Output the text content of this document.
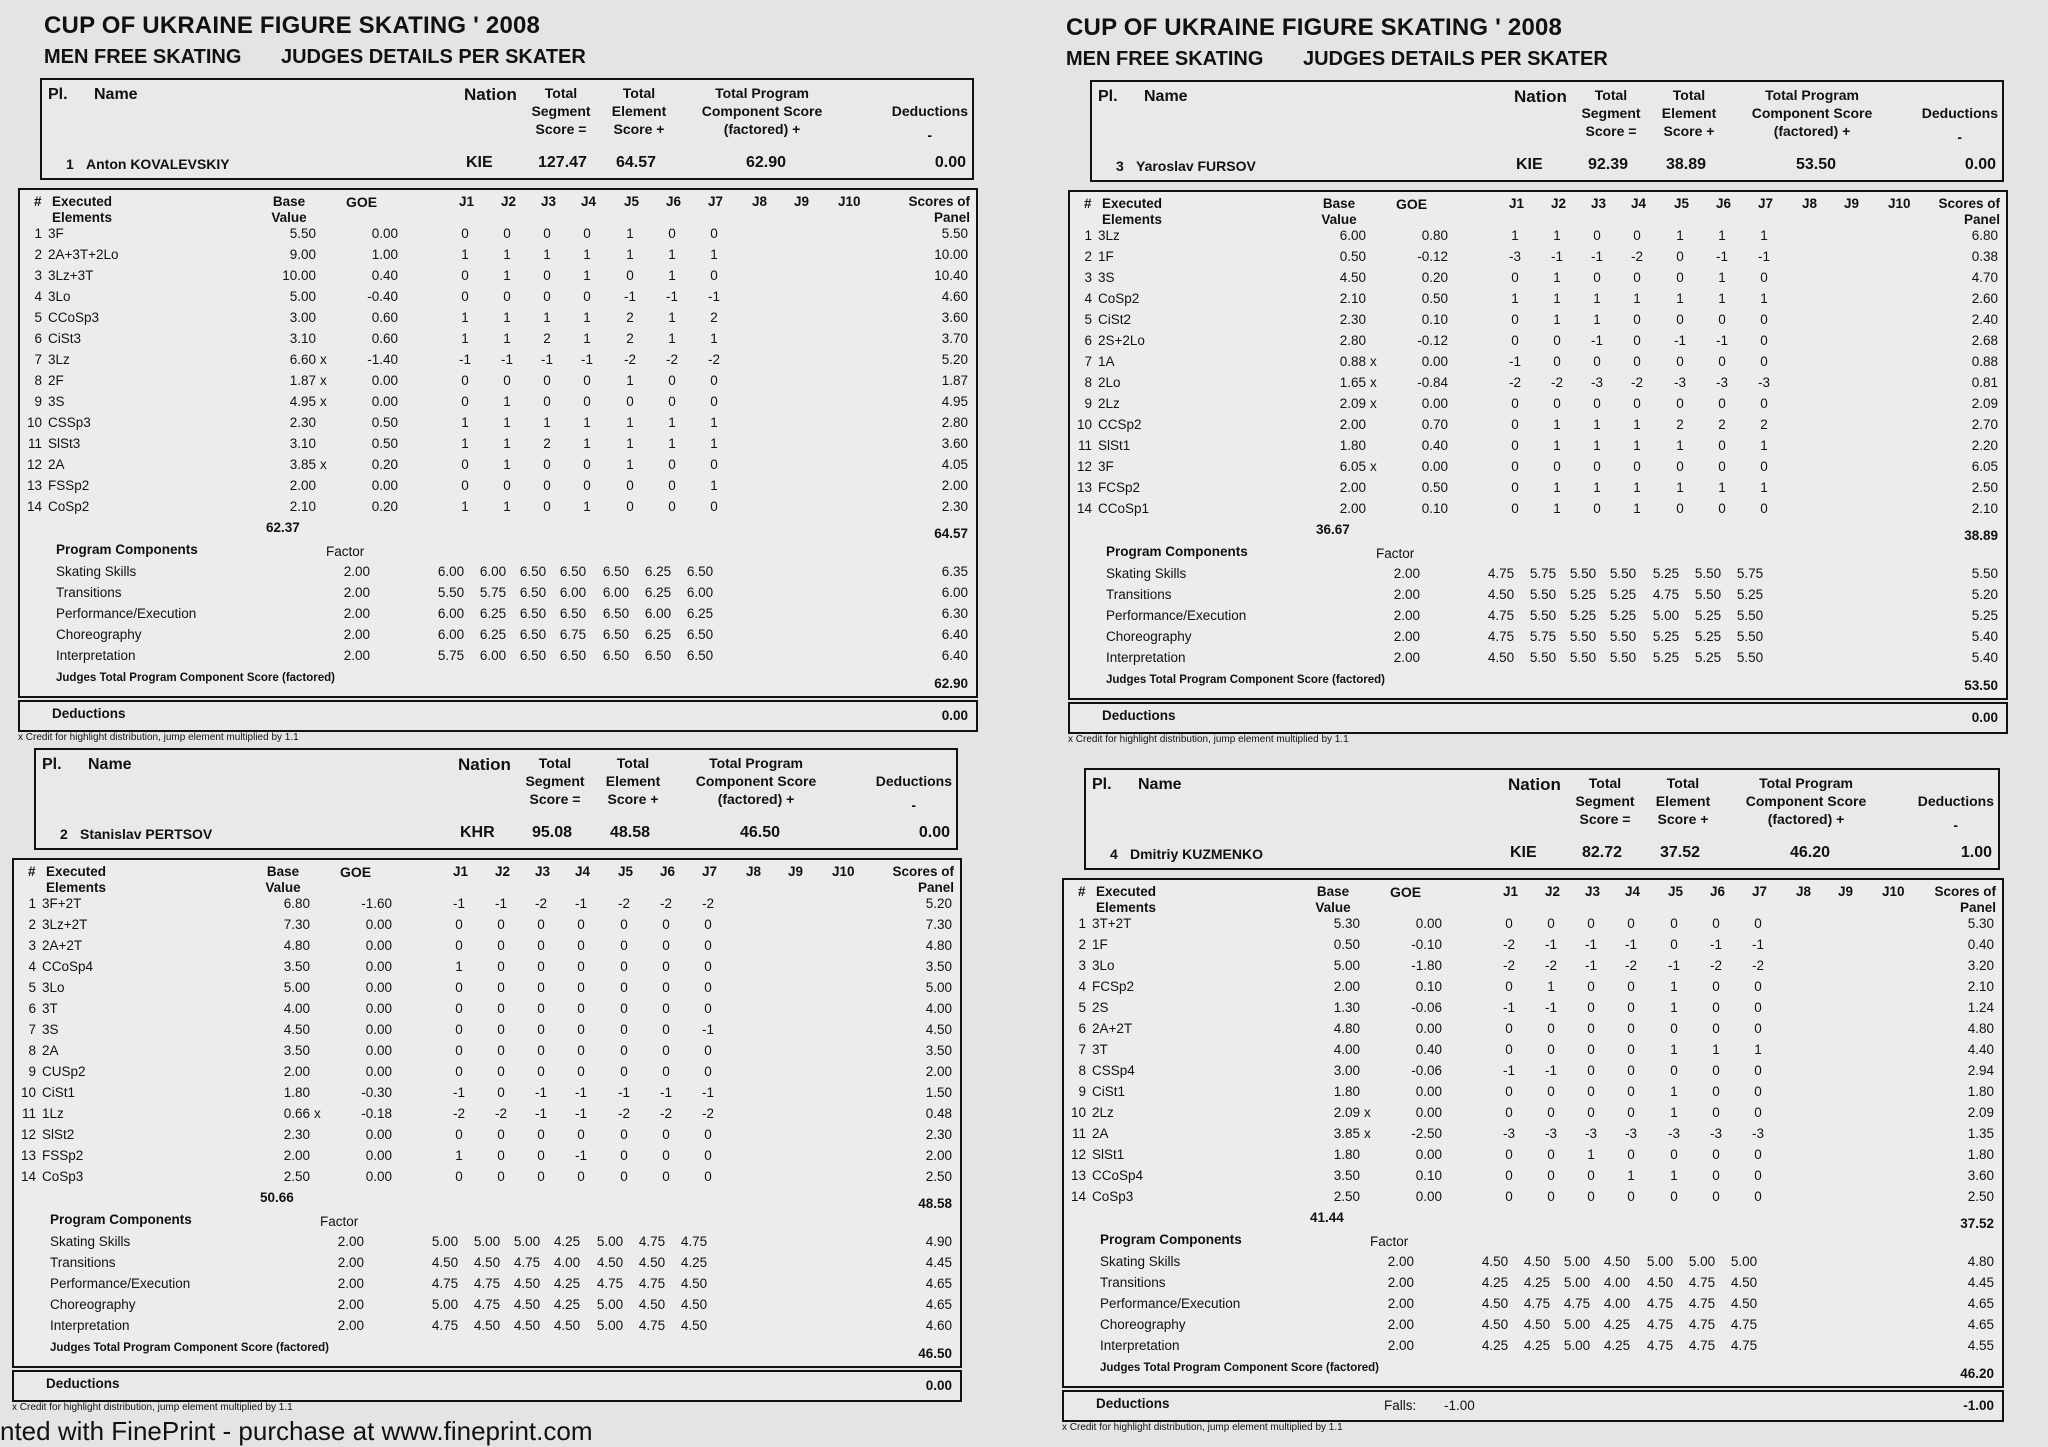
CUP OF UKRAINE FIGURE SKATING ' 2008
MEN FREE SKATING JUDGES DETAILS PER SKATER
Pl. Name	Nation	Total Segment Score =
Total Element Score +
Total Program Component Score (factored) +
Deductions
-
1 Anton KOVALEVSKIY	KIE	127.47 64.57	62.90	0.00
# Executed Elements
Base Value
GOE	J1 J2 J3 J4 J5 J6 J7 J8 J9 J10	Scores of Panel
1 3F	5.50	0.00	0	0	0	0	1	0	0	5.50
2 2A+3T+2Lo	9.00	1.00	1	1	1	1	1	1	1	10.00
3 3Lz+3T	10.00	0.40	0	1	0	1	0	1	0	10.40
4 3Lo	5.00	-0.40	0	0	0	0	-1	-1	-1	4.60
5 CCoSp3	3.00	0.60	1	1	1	1	2	1	2	3.60
6 CiSt3	3.10	0.60	1	1	2	1	2	1	1	3.70
7 3Lz	6.60 x	-1.40	-1	-1	-1	-1	-2	-2	-2	5.20
8 2F	1.87 x	0.00	0	0	0	0	1	0	0	1.87
9 3S	4.95 x	0.00	0	1	0	0	0	0	0	4.95
10 CSSp3	2.30	0.50	1	1	1	1	1	1	1	2.80
11 SlSt3	3.10	0.50	1	1	2	1	1	1	1	3.60
12 2A	3.85 x	0.20	0	1	0	0	1	0	0	4.05
13 FSSp2	2.00	0.00	0	0	0	0	0	0	1	2.00
14 CoSp2	2.10	0.20	1	1	0	1	0	0	0	2.30
62.37	64.57
Program Components	Factor
Skating Skills	2.00	6.00	6.00	6.50	6.50	6.50	6.25	6.50	6.35
Transitions	2.00	5.50	5.75	6.50	6.00	6.00	6.25	6.00	6.00
Performance/Execution	2.00	6.00	6.25	6.50	6.50	6.50	6.00	6.25	6.30
Choreography	2.00	6.00	6.25	6.50	6.75	6.50	6.25	6.50	6.40
Interpretation	2.00	5.75	6.00	6.50	6.50	6.50	6.50	6.50	6.40
Judges Total Program Component Score (factored)	62.90
Deductions	0.00
x Credit for highlight distribution, jump element multiplied by 1.1
Pl. Name	Nation	Total Segment Score =
Total Element Score +
Total Program Component Score (factored) +
Deductions
-
2 Stanislav PERTSOV	KHR 95.08 48.58	46.50	0.00
# Executed Elements
Base Value
GOE	J1 J2 J3 J4 J5 J6 J7 J8 J9 J10	Scores of Panel
1 3F+2T	6.80	-1.60	-1	-1	-2	-1	-2	-2	-2	5.20
2 3Lz+2T	7.30	0.00	0	0	0	0	0	0	0	7.30
3 2A+2T	4.80	0.00	0	0	0	0	0	0	0	4.80
4 CCoSp4	3.50	0.00	1	0	0	0	0	0	0	3.50
5 3Lo	5.00	0.00	0	0	0	0	0	0	0	5.00
6 3T	4.00	0.00	0	0	0	0	0	0	0	4.00
7 3S	4.50	0.00	0	0	0	0	0	0	-1	4.50
8 2A	3.50	0.00	0	0	0	0	0	0	0	3.50
9 CUSp2	2.00	0.00	0	0	0	0	0	0	0	2.00
10 CiSt1	1.80	-0.30	-1	0	-1	-1	-1	-1	-1	1.50
11 1Lz	0.66 x	-0.18	-2	-2	-1	-1	-2	-2	-2	0.48
12 SlSt2	2.30	0.00	0	0	0	0	0	0	0	2.30
13 FSSp2	2.00	0.00	1	0	0	-1	0	0	0	2.00
14 CoSp3	2.50	0.00	0	0	0	0	0	0	0	2.50
50.66	48.58
Program Components	Factor
Skating Skills	2.00	5.00	5.00	5.00	4.25	5.00	4.75	4.75	4.90
Transitions	2.00	4.50	4.50	4.75	4.00	4.50	4.50	4.25	4.45
Performance/Execution	2.00	4.75	4.75	4.50	4.25	4.75	4.75	4.50	4.65
Choreography	2.00	5.00	4.75	4.50	4.25	5.00	4.50	4.50	4.65
Interpretation	2.00	4.75	4.50	4.50	4.50	5.00	4.75	4.50	4.60
Judges Total Program Component Score (factored)	46.50
Deductions	0.00
x Credit for highlight distribution, jump element multiplied by 1.1
CUP OF UKRAINE FIGURE SKATING ' 2008
MEN FREE SKATING JUDGES DETAILS PER SKATER
Pl. Name	Nation	Total Segment Score =
Total Element Score +
Total Program Component Score (factored) +
Deductions
-
3 Yaroslav FURSOV	KIE	92.39 38.89	53.50	0.00
# Executed Elements
Base Value
GOE	J1 J2 J3 J4 J5 J6 J7 J8 J9 J10	Scores of Panel
1 3Lz	6.00	0.80	1	1	0	0	1	1	1	6.80
2 1F	0.50	-0.12	-3	-1	-1	-2	0	-1	-1	0.38
3 3S	4.50	0.20	0	1	0	0	0	1	0	4.70
4 CoSp2	2.10	0.50	1	1	1	1	1	1	1	2.60
5 CiSt2	2.30	0.10	0	1	1	0	0	0	0	2.40
6 2S+2Lo	2.80	-0.12	0	0	-1	0	-1	-1	0	2.68
7 1A	0.88 x	0.00	-1	0	0	0	0	0	0	0.88
8 2Lo	1.65 x	-0.84	-2	-2	-3	-2	-3	-3	-3	0.81
9 2Lz	2.09 x	0.00	0	0	0	0	0	0	0	2.09
10 CCSp2	2.00	0.70	0	1	1	1	2	2	2	2.70
11 SlSt1	1.80	0.40	0	1	1	1	1	0	1	2.20
12 3F	6.05 x	0.00	0	0	0	0	0	0	0	6.05
13 FCSp2	2.00	0.50	0	1	1	1	1	1	1	2.50
14 CCoSp1	2.00	0.10	0	1	0	1	0	0	0	2.10
36.67	38.89
Program Components	Factor
Skating Skills	2.00	4.75	5.75	5.50	5.50	5.25	5.50	5.75	5.50
Transitions	2.00	4.50	5.50	5.25	5.25	4.75	5.50	5.25	5.20
Performance/Execution	2.00	4.75	5.50	5.25	5.25	5.00	5.25	5.50	5.25
Choreography	2.00	4.75	5.75	5.50	5.50	5.25	5.25	5.50	5.40
Interpretation	2.00	4.50	5.50	5.50	5.50	5.25	5.25	5.50	5.40
Judges Total Program Component Score (factored)	53.50
Deductions	0.00
x Credit for highlight distribution, jump element multiplied by 1.1
Pl. Name	Nation	Total Segment Score =
Total Element Score +
Total Program Component Score (factored) +
Deductions
-
4 Dmitriy KUZMENKO	KIE	82.72 37.52	46.20	1.00
# Executed Elements
Base Value
GOE	J1 J2 J3 J4 J5 J6 J7 J8 J9 J10	Scores of Panel
1 3T+2T	5.30	0.00	0	0	0	0	0	0	0	5.30
2 1F	0.50	-0.10	-2	-1	-1	-1	0	-1	-1	0.40
3 3Lo	5.00	-1.80	-2	-2	-1	-2	-1	-2	-2	3.20
4 FCSp2	2.00	0.10	0	1	0	0	1	0	0	2.10
5 2S	1.30	-0.06	-1	-1	0	0	1	0	0	1.24
6 2A+2T	4.80	0.00	0	0	0	0	0	0	0	4.80
7 3T	4.00	0.40	0	0	0	0	1	1	1	4.40
8 CSSp4	3.00	-0.06	-1	-1	0	0	0	0	0	2.94
9 CiSt1	1.80	0.00	0	0	0	0	1	0	0	1.80
10 2Lz	2.09 x	0.00	0	0	0	0	1	0	0	2.09
11 2A	3.85 x	-2.50	-3	-3	-3	-3	-3	-3	-3	1.35
12 SlSt1	1.80	0.00	0	0	1	0	0	0	0	1.80
13 CCoSp4	3.50	0.10	0	0	0	1	1	0	0	3.60
14 CoSp3	2.50	0.00	0	0	0	0	0	0	0	2.50
41.44	37.52
Program Components	Factor
Skating Skills	2.00	4.50	4.50	5.00	4.50	5.00	5.00	5.00	4.80
Transitions	2.00	4.25	4.25	5.00	4.00	4.50	4.75	4.50	4.45
Performance/Execution	2.00	4.50	4.75	4.75	4.00	4.75	4.75	4.50	4.65
Choreography	2.00	4.50	4.50	5.00	4.25	4.75	4.75	4.75	4.65
Interpretation	2.00	4.25	4.25	5.00	4.25	4.75	4.75	4.75	4.55
Judges Total Program Component Score (factored)	46.20
Deductions	Falls: -1.00	-1.00
x Credit for highlight distribution, jump element multiplied by 1.1
nted with FinePrint - purchase at www.fineprint.com
